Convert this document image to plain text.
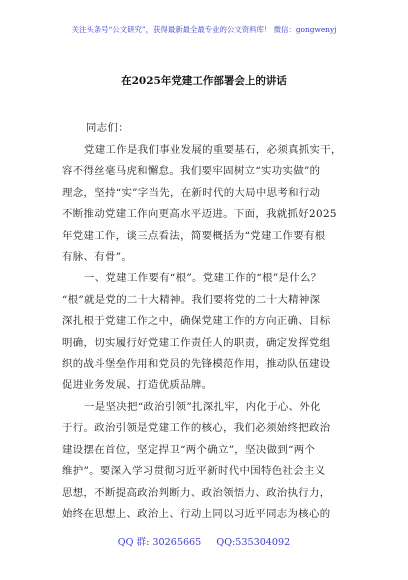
关注头条号“公文研究”，获得最新最全最专业的公文资料库！ 微信：gongwenyj
在2025年党建工作部署会上的讲话
同志们：
党建工作是我们事业发展的重要基石，必须真抓实干，
容不得丝毫马虎和懈怠。我们要牢固树立“实功实做”的
理念，坚持“实”字当先，在新时代的大局中思考和行动
不断推动党建工作向更高水平迈进。下面，我就抓好2025
年党建工作，谈三点看法，简要概括为“党建工作要有根
有脉、有骨”。
一、党建工作要有“根”。党建工作的“根”是什么？
“根”就是党的二十大精神。我们要将党的二十大精神深
深扎根于党建工作之中，确保党建工作的方向正确、目标
明确，切实履行好党建工作责任人的职责，确定发挥党组
织的战斗堡垒作用和党员的先锋模范作用，推动队伍建设
促进业务发展、打造优质品牌。
一是坚决把“政治引领”扎深扎牢，内化于心、外化
于行。政治引领是党建工作的核心，我们必须始终把政治
建设摆在首位，坚定捍卫“两个确立”，坚决做到“两个
维护”。要深入学习贯彻习近平新时代中国特色社会主义
思想，不断提高政治判断力、政治领悟力、政治执行力，
始终在思想上、政治上、行动上同以习近平同志为核心的
QQ 群: 30265665 QQ:535304092
